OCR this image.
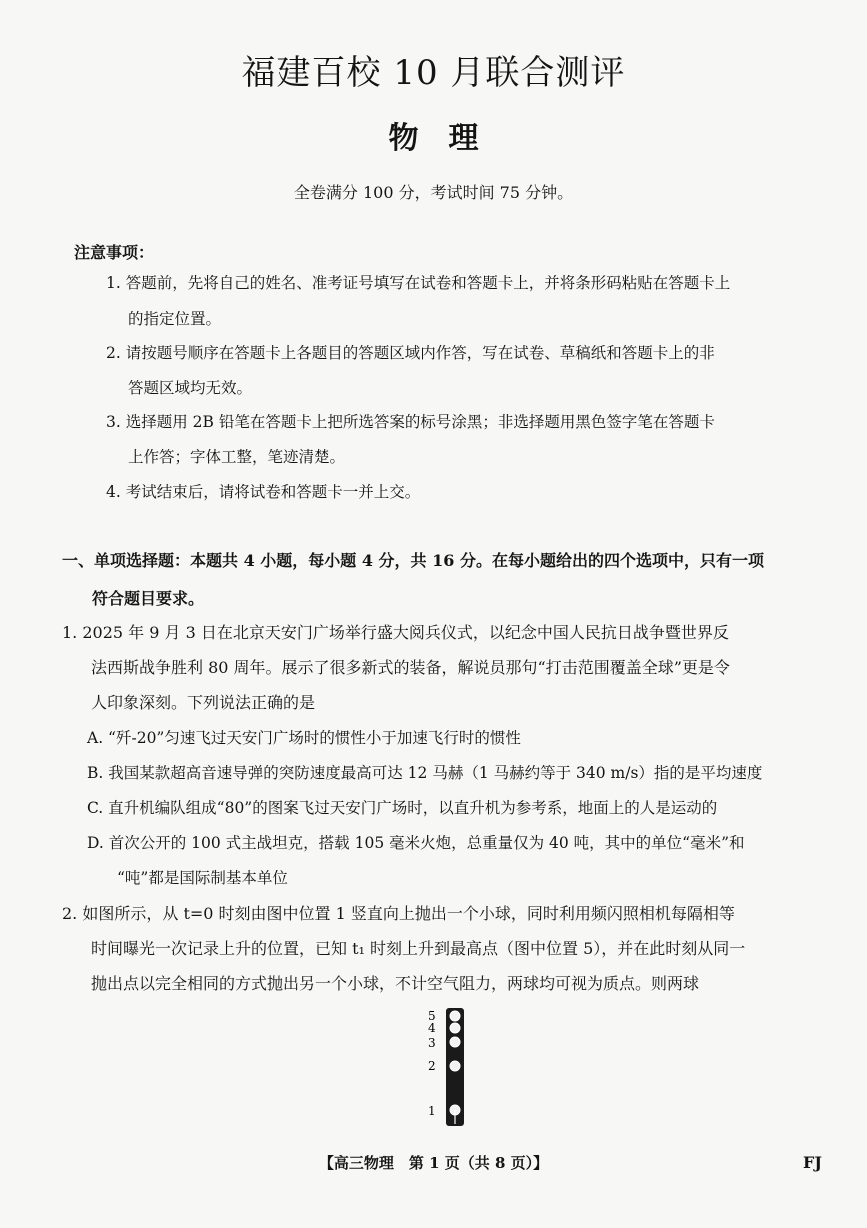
福建百校 10 月联合测评
物　理
全卷满分 100 分，考试时间 75 分钟。
注意事项：
1. 答题前，先将自己的姓名、准考证号填写在试卷和答题卡上，并将条形码粘贴在答题卡上
的指定位置。
2. 请按题号顺序在答题卡上各题目的答题区域内作答，写在试卷、草稿纸和答题卡上的非
答题区域均无效。
3. 选择题用 2B 铅笔在答题卡上把所选答案的标号涂黑；非选择题用黑色签字笔在答题卡
上作答；字体工整，笔迹清楚。
4. 考试结束后，请将试卷和答题卡一并上交。
一、单项选择题：本题共 4 小题，每小题 4 分，共 16 分。在每小题给出的四个选项中，只有一项
符合题目要求。
1. 2025 年 9 月 3 日在北京天安门广场举行盛大阅兵仪式，以纪念中国人民抗日战争暨世界反
法西斯战争胜利 80 周年。展示了很多新式的装备，解说员那句“打击范围覆盖全球”更是令
人印象深刻。下列说法正确的是
A. “歼-20”匀速飞过天安门广场时的惯性小于加速飞行时的惯性
B. 我国某款超高音速导弹的突防速度最高可达 12 马赫（1 马赫约等于 340 m/s）指的是平均速度
C. 直升机编队组成“80”的图案飞过天安门广场时，以直升机为参考系，地面上的人是运动的
D. 首次公开的 100 式主战坦克，搭载 105 毫米火炮，总重量仅为 40 吨，其中的单位“毫米”和
“吨”都是国际制基本单位
2. 如图所示，从 t=0 时刻由图中位置 1 竖直向上抛出一个小球，同时利用频闪照相机每隔相等
时间曝光一次记录上升的位置，已知 t₁ 时刻上升到最高点（图中位置 5），并在此时刻从同一
抛出点以完全相同的方式抛出另一个小球，不计空气阻力，两球均可视为质点。则两球
5
4
3
2
1
【高三物理　第 1 页（共 8 页）】	FJ
